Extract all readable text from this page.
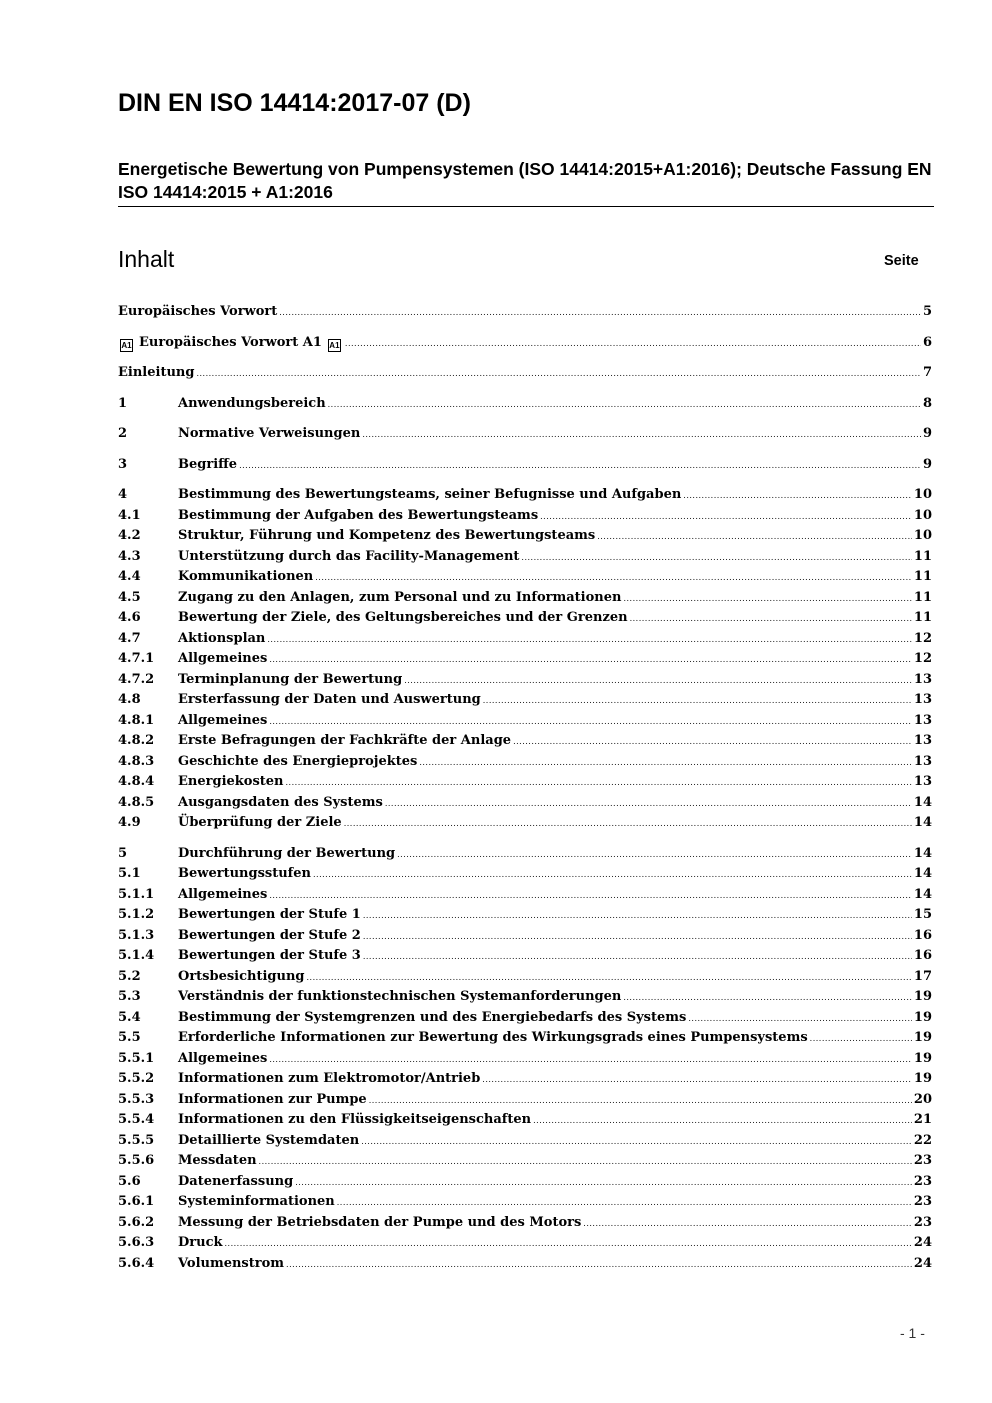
DIN EN ISO 14414:2017-07 (D)
Energetische Bewertung von Pumpensystemen (ISO 14414:2015+A1:2016); Deutsche Fassung EN ISO 14414:2015 + A1:2016
Inhalt	Seite
Europäisches Vorwort .....	5
A1 Europäisches Vorwort A1 A1 .....	6
Einleitung .....	7
1	Anwendungsbereich .....	8
2	Normative Verweisungen .....	9
3	Begriffe .....	9
4	Bestimmung des Bewertungsteams, seiner Befugnisse und Aufgaben .....	10
4.1	Bestimmung der Aufgaben des Bewertungsteams .....	10
4.2	Struktur, Führung und Kompetenz des Bewertungsteams .....	10
4.3	Unterstützung durch das Facility-Management .....	11
4.4	Kommunikationen .....	11
4.5	Zugang zu den Anlagen, zum Personal und zu Informationen .....	11
4.6	Bewertung der Ziele, des Geltungsbereiches und der Grenzen .....	11
4.7	Aktionsplan .....	12
4.7.1	Allgemeines .....	12
4.7.2	Terminplanung der Bewertung .....	13
4.8	Ersterfassung der Daten und Auswertung .....	13
4.8.1	Allgemeines .....	13
4.8.2	Erste Befragungen der Fachkräfte der Anlage .....	13
4.8.3	Geschichte des Energieprojektes .....	13
4.8.4	Energiekosten .....	13
4.8.5	Ausgangsdaten des Systems .....	14
4.9	Überprüfung der Ziele .....	14
5	Durchführung der Bewertung .....	14
5.1	Bewertungsstufen .....	14
5.1.1	Allgemeines .....	14
5.1.2	Bewertungen der Stufe 1 .....	15
5.1.3	Bewertungen der Stufe 2 .....	16
5.1.4	Bewertungen der Stufe 3 .....	16
5.2	Ortsbesichtigung .....	17
5.3	Verständnis der funktionstechnischen Systemanforderungen .....	19
5.4	Bestimmung der Systemgrenzen und des Energiebedarfs des Systems .....	19
5.5	Erforderliche Informationen zur Bewertung des Wirkungsgrads eines Pumpensystems .....	19
5.5.1	Allgemeines .....	19
5.5.2	Informationen zum Elektromotor/Antrieb .....	19
5.5.3	Informationen zur Pumpe .....	20
5.5.4	Informationen zu den Flüssigkeitseigenschaften .....	21
5.5.5	Detaillierte Systemdaten .....	22
5.5.6	Messdaten .....	23
5.6	Datenerfassung .....	23
5.6.1	Systeminformationen .....	23
5.6.2	Messung der Betriebsdaten der Pumpe und des Motors .....	23
5.6.3	Druck .....	24
5.6.4	Volumenstrom .....	24
- 1 -
